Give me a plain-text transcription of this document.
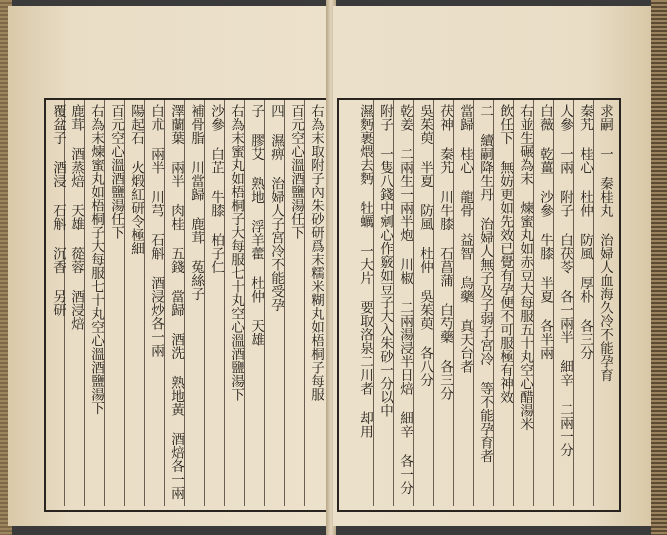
右為末取附子內朱砂研爲末糯米糊丸如梧桐子每服
百元空心溫酒鹽湯任下
四 濕痹 治婦人子宮冷不能受孕
子 膠艾 熟地 浮羊藿 杜仲 天雄
右為末蜜丸如梧桐子大每服七十丸空心溫酒鹽湯下
沙參 白芷 牛膝 柏子仁
補骨脂 川當歸 鹿茸 菟絲子
澤蘭葉 兩半 肉桂 五錢 當歸 酒洗 熟地黃 酒焙各一兩
白朮 兩半 川芎 石斛 酒浸炒各一兩
陽起石 火煅紅研令極細
百元空心溫酒鹽湯任下
右為末煉蜜丸如梧桐子大每服七十丸空心溫酒鹽湯下
鹿茸 酒蒸焙 天雄 蓯蓉 酒浸焙
覆盆子 酒浸 石斛 沉香 另研	求嗣 一 秦桂丸 治婦人血海久冷不能孕育
秦艽 桂心 杜仲 防風 厚朴 各三分
人參 一兩 附子 白茯苓 各一兩半 細辛 二兩一分
白薇 乾薑 沙參 牛膝 半夏 各半兩
右並生碾為末 煉蜜丸如赤豆大每服五十丸空心醋湯米
飲任下 無妨更如先效已覺有孕便不可服極有神效
二 續嗣降生丹 治婦人無子及子弱子宮冷 等不能孕育者
當歸 桂心 龍骨 益智 烏藥 真天台者
茯神 秦艽 川牛膝 石菖蒲 白芍藥 各三分
吳茱萸 半夏 防風 杜仲 吳茱萸 各八分
乾姜 二兩生一兩半炮 川椒 二兩湯浸半日焙 細辛 各一分
附子 一隻八錢中剜心作竅如豆子大入朱砂一分以中
濕麪裹煨去麪 牡蠣 一大片 要取洛泉二川者 却用
